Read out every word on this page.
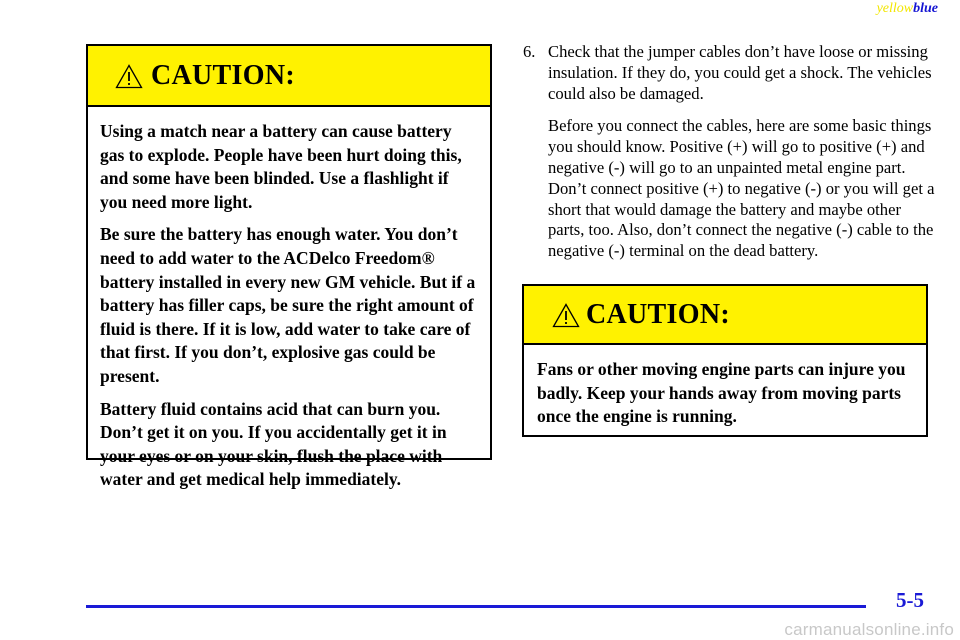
yellowblue
CAUTION:

Using a match near a battery can cause battery gas to explode. People have been hurt doing this, and some have been blinded. Use a flashlight if you need more light.

Be sure the battery has enough water. You don’t need to add water to the ACDelco Freedom® battery installed in every new GM vehicle. But if a battery has filler caps, be sure the right amount of fluid is there. If it is low, add water to take care of that first. If you don’t, explosive gas could be present.

Battery fluid contains acid that can burn you. Don’t get it on you. If you accidentally get it in your eyes or on your skin, flush the place with water and get medical help immediately.

6. Check that the jumper cables don’t have loose or missing insulation. If they do, you could get a shock. The vehicles could also be damaged.

Before you connect the cables, here are some basic things you should know. Positive (+) will go to positive (+) and negative (-) will go to an unpainted metal engine part. Don’t connect positive (+) to negative (-) or you will get a short that would damage the battery and maybe other parts, too. Also, don’t connect the negative (-) cable to the negative (-) terminal on the dead battery.

CAUTION:

Fans or other moving engine parts can injure you badly. Keep your hands away from moving parts once the engine is running.

5-5
carmanualsonline.info
